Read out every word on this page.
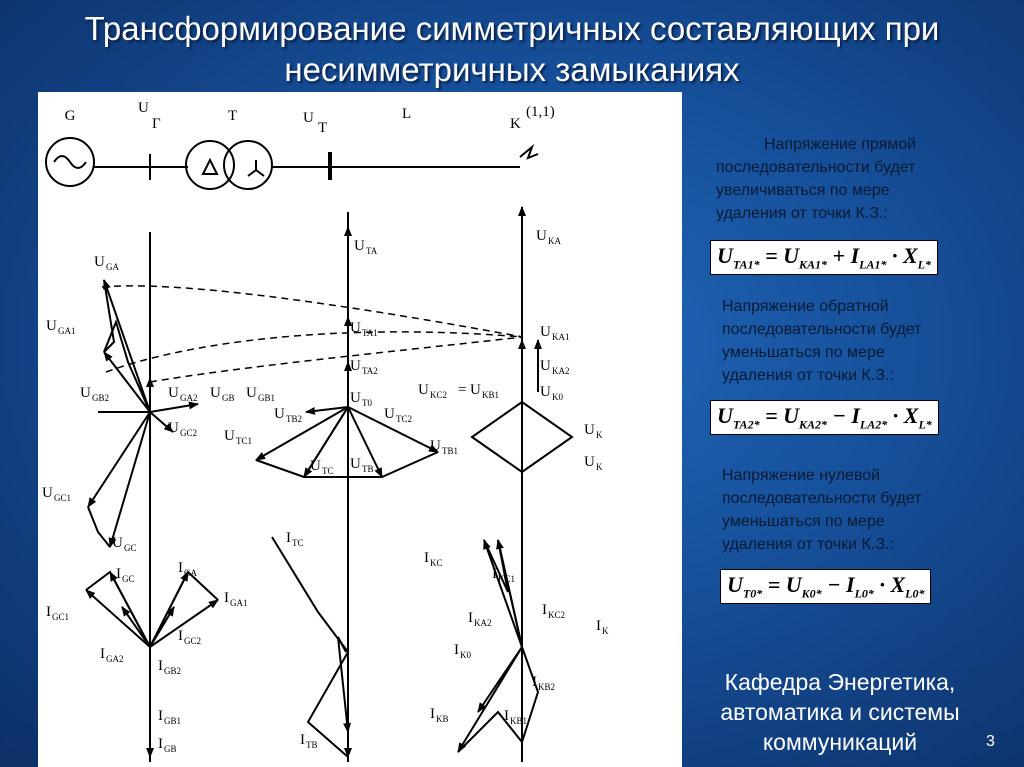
Трансформирование симметричных составляющих при
несимметричных замыканиях
G	U
Г	T	U
T
L
K
(1,1)
U GA
U GA1
U GB2	U GA2 U GB U GB1
U GC2
U GC1
U GC
U TA
U TA1
U TA2
U T0
U TB2	U TC2
U TC1	U TB1
U TC U TB
U KA
U KA1
U KA2
U KC2 = U KB1	U K0
U K
U K
I GC
I GA
I GC1
I GA1
I GC2
I GA2 I GB2
I GB1
I GB
I TC
I TB
I KC
I KC1
I KC2
I KA2
I K0
I K
I KB2
I KB	I KB1
Напряжение прямой
последовательности будет
увеличиваться по мере
удаления от точки К.З.:
$U_{TA1*} = U_{KA1*} + I_{LA1*} \cdot X_{L*}$
Напряжение обратной
последовательности будет
уменьшаться по мере
удаления от точки К.З.:
$U_{TA2*} = U_{KA2*} - I_{LA2*} \cdot X_{L*}$
Напряжение нулевой
последовательности будет
уменьшаться по мере
удаления от точки К.З.:
$U_{T0*} = U_{K0*} - I_{L0*} \cdot X_{L0*}$
Кафедра Энергетика,
автоматика и системы
коммуникаций	3
